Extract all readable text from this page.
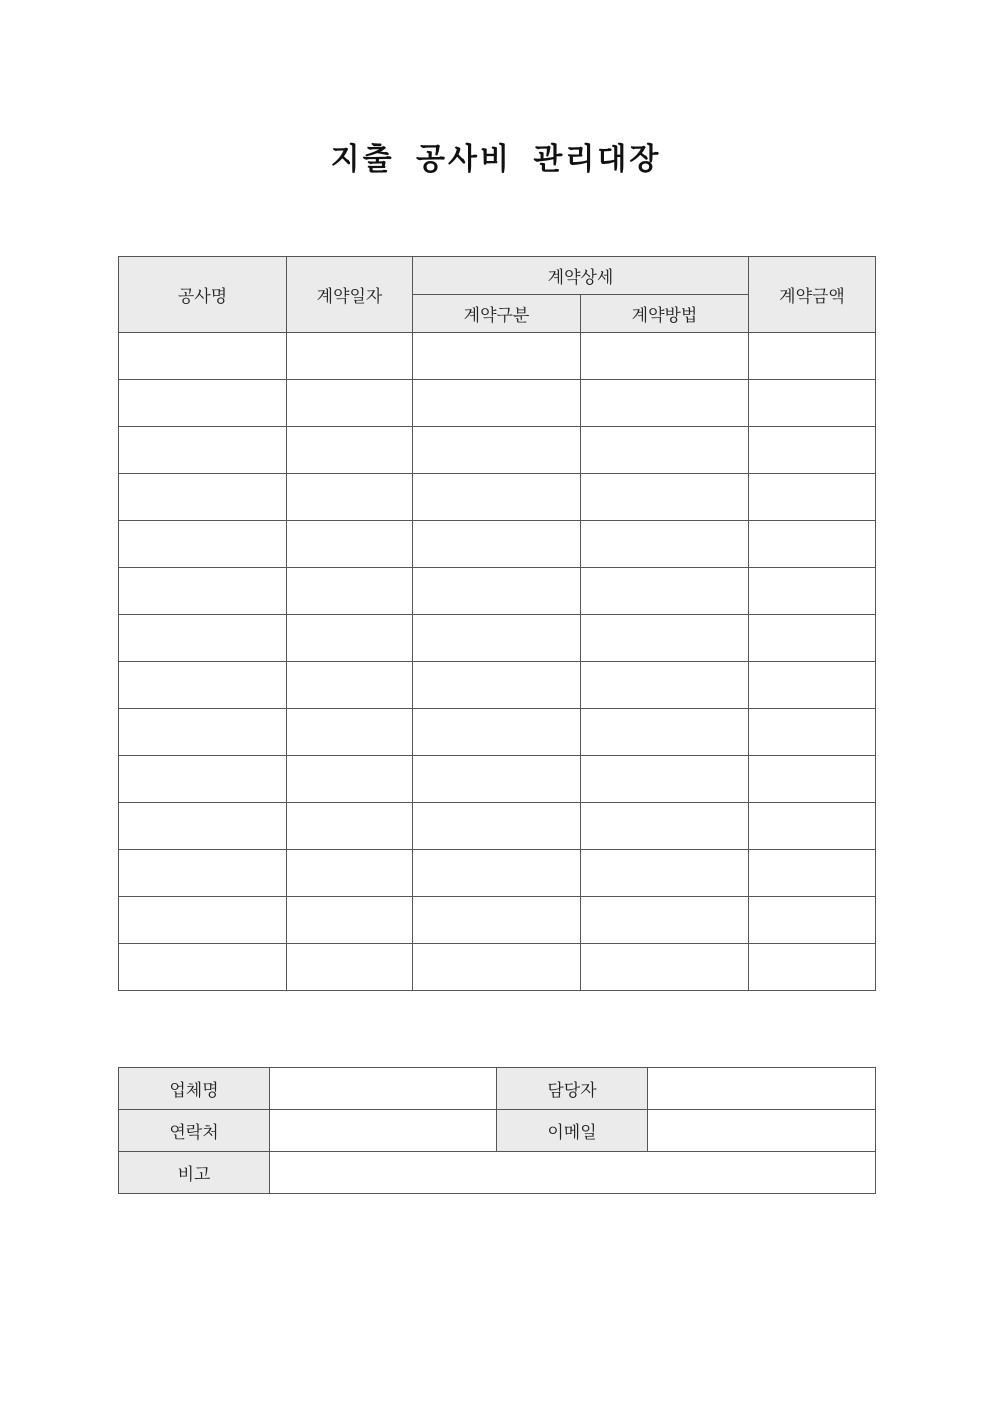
지출 공사비 관리대장
공사명	계약일자	계약상세		계약금액
		계약구분	계약방법	

업체명		담당자	
연락처		이메일	
비고			
